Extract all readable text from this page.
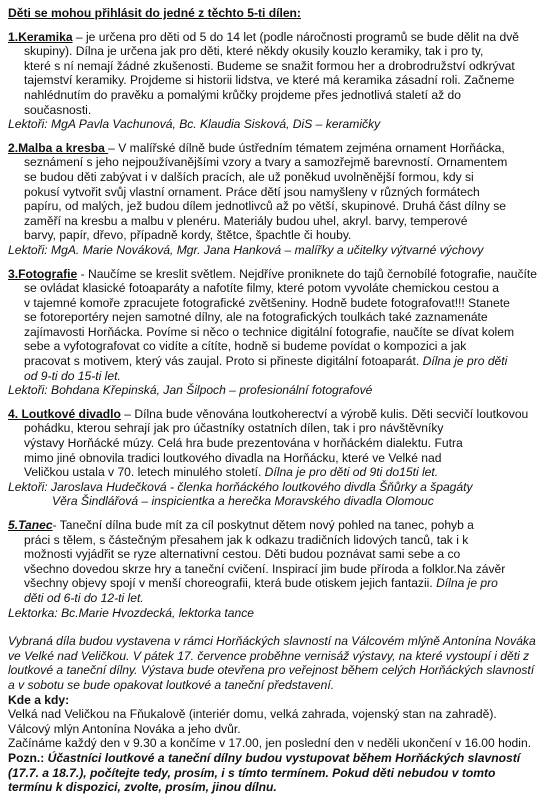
Děti se mohou přihlásit do jedné z těchto 5-ti dílen:
1.Keramika – je určena pro děti od 5 do 14 let (podle náročnosti programů se bude dělit na dvě
skupiny). Dílna je určena jak pro děti, které někdy okusily kouzlo keramiky, tak i pro ty,
které s ní nemají žádné zkušenosti. Budeme se snažit formou her a drobrodružství odkrývat
tajemství keramiky. Projdeme si historii lidstva, ve které má keramika zásadní roli. Začneme
nahlédnutím do pravěku a pomalými krůčky projdeme přes jednotlivá staletí až do
současnosti.
Lektoři: MgA Pavla Vachunová, Bc. Klaudia Sisková, DiS – keramičky
2.Malba a kresba – V malířské dílně bude ústředním tématem zejména ornament Horňácka,
seznámení s jeho nejpoužívanějšími vzory a tvary a samozřejmě barevností. Ornamentem
se budou děti zabývat i v dalších pracích, ale už poněkud uvolněnější formou, kdy si
pokusí vytvořit svůj vlastní ornament. Práce dětí jsou namyšleny v různých formátech
papíru, od malých, jež budou dílem jednotlivců až po větší, skupinové. Druhá část dílny se
zaměří na kresbu a malbu v plenéru. Materiály budou uhel, akryl. barvy, temperové
barvy, papír, dřevo, případně kordy, štětce, špachtle či houby.
Lektoři: MgA. Marie Nováková, Mgr. Jana Hanková – malířky a učitelky výtvarné výchovy
3.Fotografie - Naučíme se kreslit světlem. Nejdříve proniknete do tajů černobílé fotografie, naučíte
se ovládat klasické fotoaparáty a nafotíte filmy, které potom vyvoláte chemickou cestou a
v tajemné komoře zpracujete fotografické zvětšeniny. Hodně budete fotografovat!!! Stanete
se fotoreportéry nejen samotné dílny, ale na fotografických toulkách také zaznamenáte
zajímavosti Horňácka. Povíme si něco o technice digitální fotografie, naučíte se dívat kolem
sebe a vyfotografovat co vidíte a cítíte, hodně si budeme povídat o kompozici a jak
pracovat s motivem, který vás zaujal. Proto si přineste digitální fotoaparát. Dílna je pro děti
od 9-ti do 15-ti let.
Lektoři: Bohdana Křepinská, Jan Šilpoch – profesionální fotografové
4. Loutkové divadlo – Dílna bude věnována loutkoherectví a výrobě kulis. Děti secvičí loutkovou
pohádku, kterou sehrají jak pro účastníky ostatních dílen, tak i pro návštěvníky
výstavy Horňácké múzy. Celá hra bude prezentována v horňáckém dialektu. Futra
mimo jiné obnovila tradici loutkového divadla na Horňácku, které ve Velké nad
Veličkou ustala v 70. letech minulého století. Dílna je pro děti od 9ti do15ti let.
Lektoři: Jaroslava Hudečková - členka horňáckého loutkového divdla Šňůrky a špagáty
Věra Šindlářová – inspicientka a herečka Moravského divadla Olomouc
5.Tanec- Taneční dílna bude mít za cíl poskytnut dětem nový pohled na tanec, pohyb a
práci s tělem, s částečným přesahem jak k odkazu tradičních lidových tanců, tak i k
možnosti vyjádřit se ryze alternativní cestou. Děti budou poznávat sami sebe a co
všechno dovedou skrze hry a taneční cvičení. Inspirací jim bude příroda a folklor.Na závěr
všechny objevy spojí v menší choreografii, která bude otiskem jejich fantazii. Dílna je pro
děti od 6-ti do 12-ti let.
Lektorka: Bc.Marie Hvozdecká, lektorka tance
Vybraná díla budou vystavena v rámci Horňáckých slavností na Válcovém mlýně Antonína Nováka
ve Velké nad Veličkou. V pátek 17. července proběhne vernisáž výstavy, na které vystoupí i děti z
loutkové a taneční dílny. Výstava bude otevřena pro veřejnost během celých Horňáckých slavností
a v sobotu se bude opakovat loutkové a taneční představení.
Kde a kdy:
Velká nad Veličkou na Fňukalově (interiér domu, velká zahrada, vojenský stan na zahradě).
Válcový mlýn Antonína Nováka a jeho dvůr.
Začínáme každý den v 9.30 a končíme v 17.00, jen poslední den v neděli ukončení v 16.00 hodin.
Pozn.: Účastníci loutkové a taneční dílny budou vystupovat během Horňáckých slavností
(17.7. a 18.7.), počítejte tedy, prosím, i s tímto termínem. Pokud děti nebudou v tomto
termínu k dispozici, zvolte, prosím, jinou dílnu.
